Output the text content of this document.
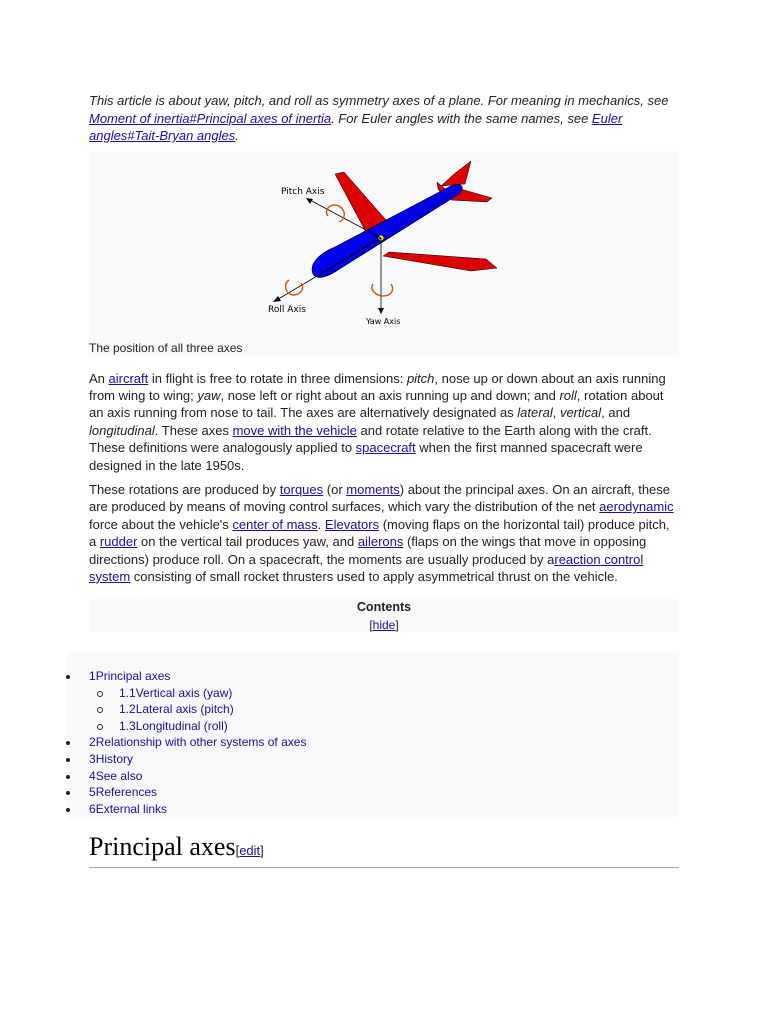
This article is about yaw, pitch, and roll as symmetry axes of a plane. For meaning in mechanics, see Moment of inertia#Principal axes of inertia. For Euler angles with the same names, see Euler angles#Tait-Bryan angles.
Pitch Axis
Roll Axis
Yaw Axis
The position of all three axes

An aircraft in flight is free to rotate in three dimensions: pitch, nose up or down about an axis running from wing to wing; yaw, nose left or right about an axis running up and down; and roll, rotation about an axis running from nose to tail. The axes are alternatively designated as lateral, vertical, and longitudinal. These axes move with the vehicle and rotate relative to the Earth along with the craft. These definitions were analogously applied to spacecraft when the first manned spacecraft were designed in the late 1950s.

These rotations are produced by torques (or moments) about the principal axes. On an aircraft, these are produced by means of moving control surfaces, which vary the distribution of the net aerodynamic force about the vehicle's center of mass. Elevators (moving flaps on the horizontal tail) produce pitch, a rudder on the vertical tail produces yaw, and ailerons (flaps on the wings that move in opposing directions) produce roll. On a spacecraft, the moments are usually produced by areaction control system consisting of small rocket thrusters used to apply asymmetrical thrust on the vehicle.

Contents
[hide]
1Principal axes
1.1Vertical axis (yaw)
1.2Lateral axis (pitch)
1.3Longitudinal (roll)
2Relationship with other systems of axes
3History
4See also
5References
6External links
Principal axes[edit]
